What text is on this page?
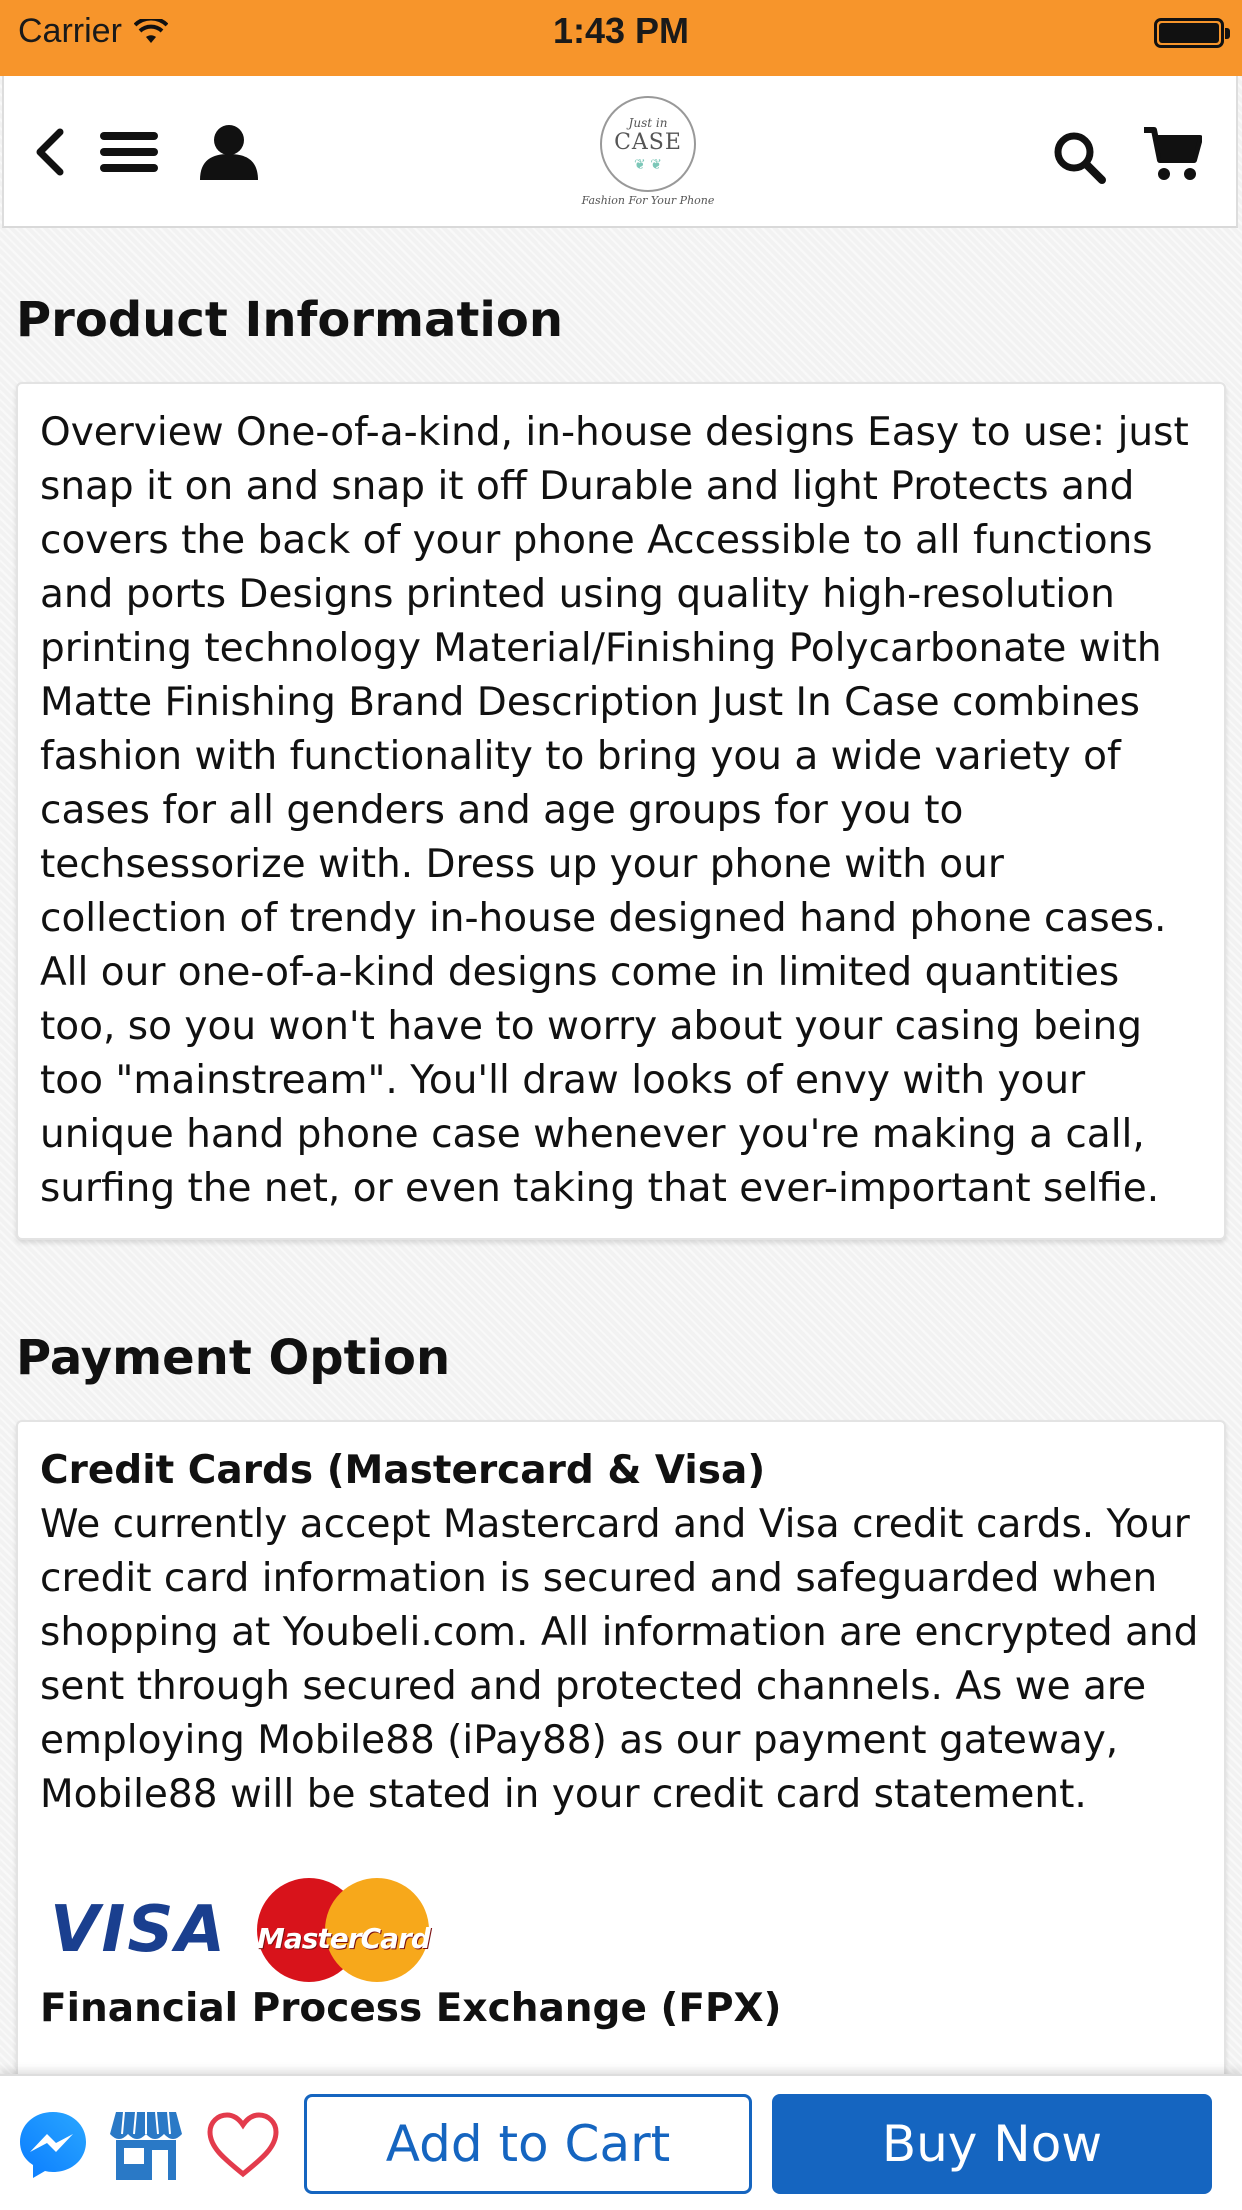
Carrier	1:43 PM
Just in
CASE
❦ ❦
Fashion For Your Phone
Product Information

Overview One-of-a-kind, in-house designs Easy to use: just snap it on and snap it off Durable and light Protects and covers the back of your phone Accessible to all functions and ports Designs printed using quality high-resolution printing technology Material/Finishing Polycarbonate with Matte Finishing Brand Description Just In Case combines fashion with functionality to bring you a wide variety of cases for all genders and age groups for you to techsessorize with. Dress up your phone with our collection of trendy in-house designed hand phone cases. All our one-of-a-kind designs come in limited quantities too, so you won't have to worry about your casing being too "mainstream". You'll draw looks of envy with your unique hand phone case whenever you're making a call, surfing the net, or even taking that ever-important selfie.

Payment Option

Credit Cards (Mastercard & Visa)

We currently accept Mastercard and Visa credit cards. Your credit card information is secured and safeguarded when shopping at Youbeli.com. All information are encrypted and sent through secured and protected channels. As we are employing Mobile88 (iPay88) as our payment gateway, Mobile88 will be stated in your credit card statement.

VISA MasterCard

Financial Process Exchange (FPX)

Add to Cart	Buy Now
